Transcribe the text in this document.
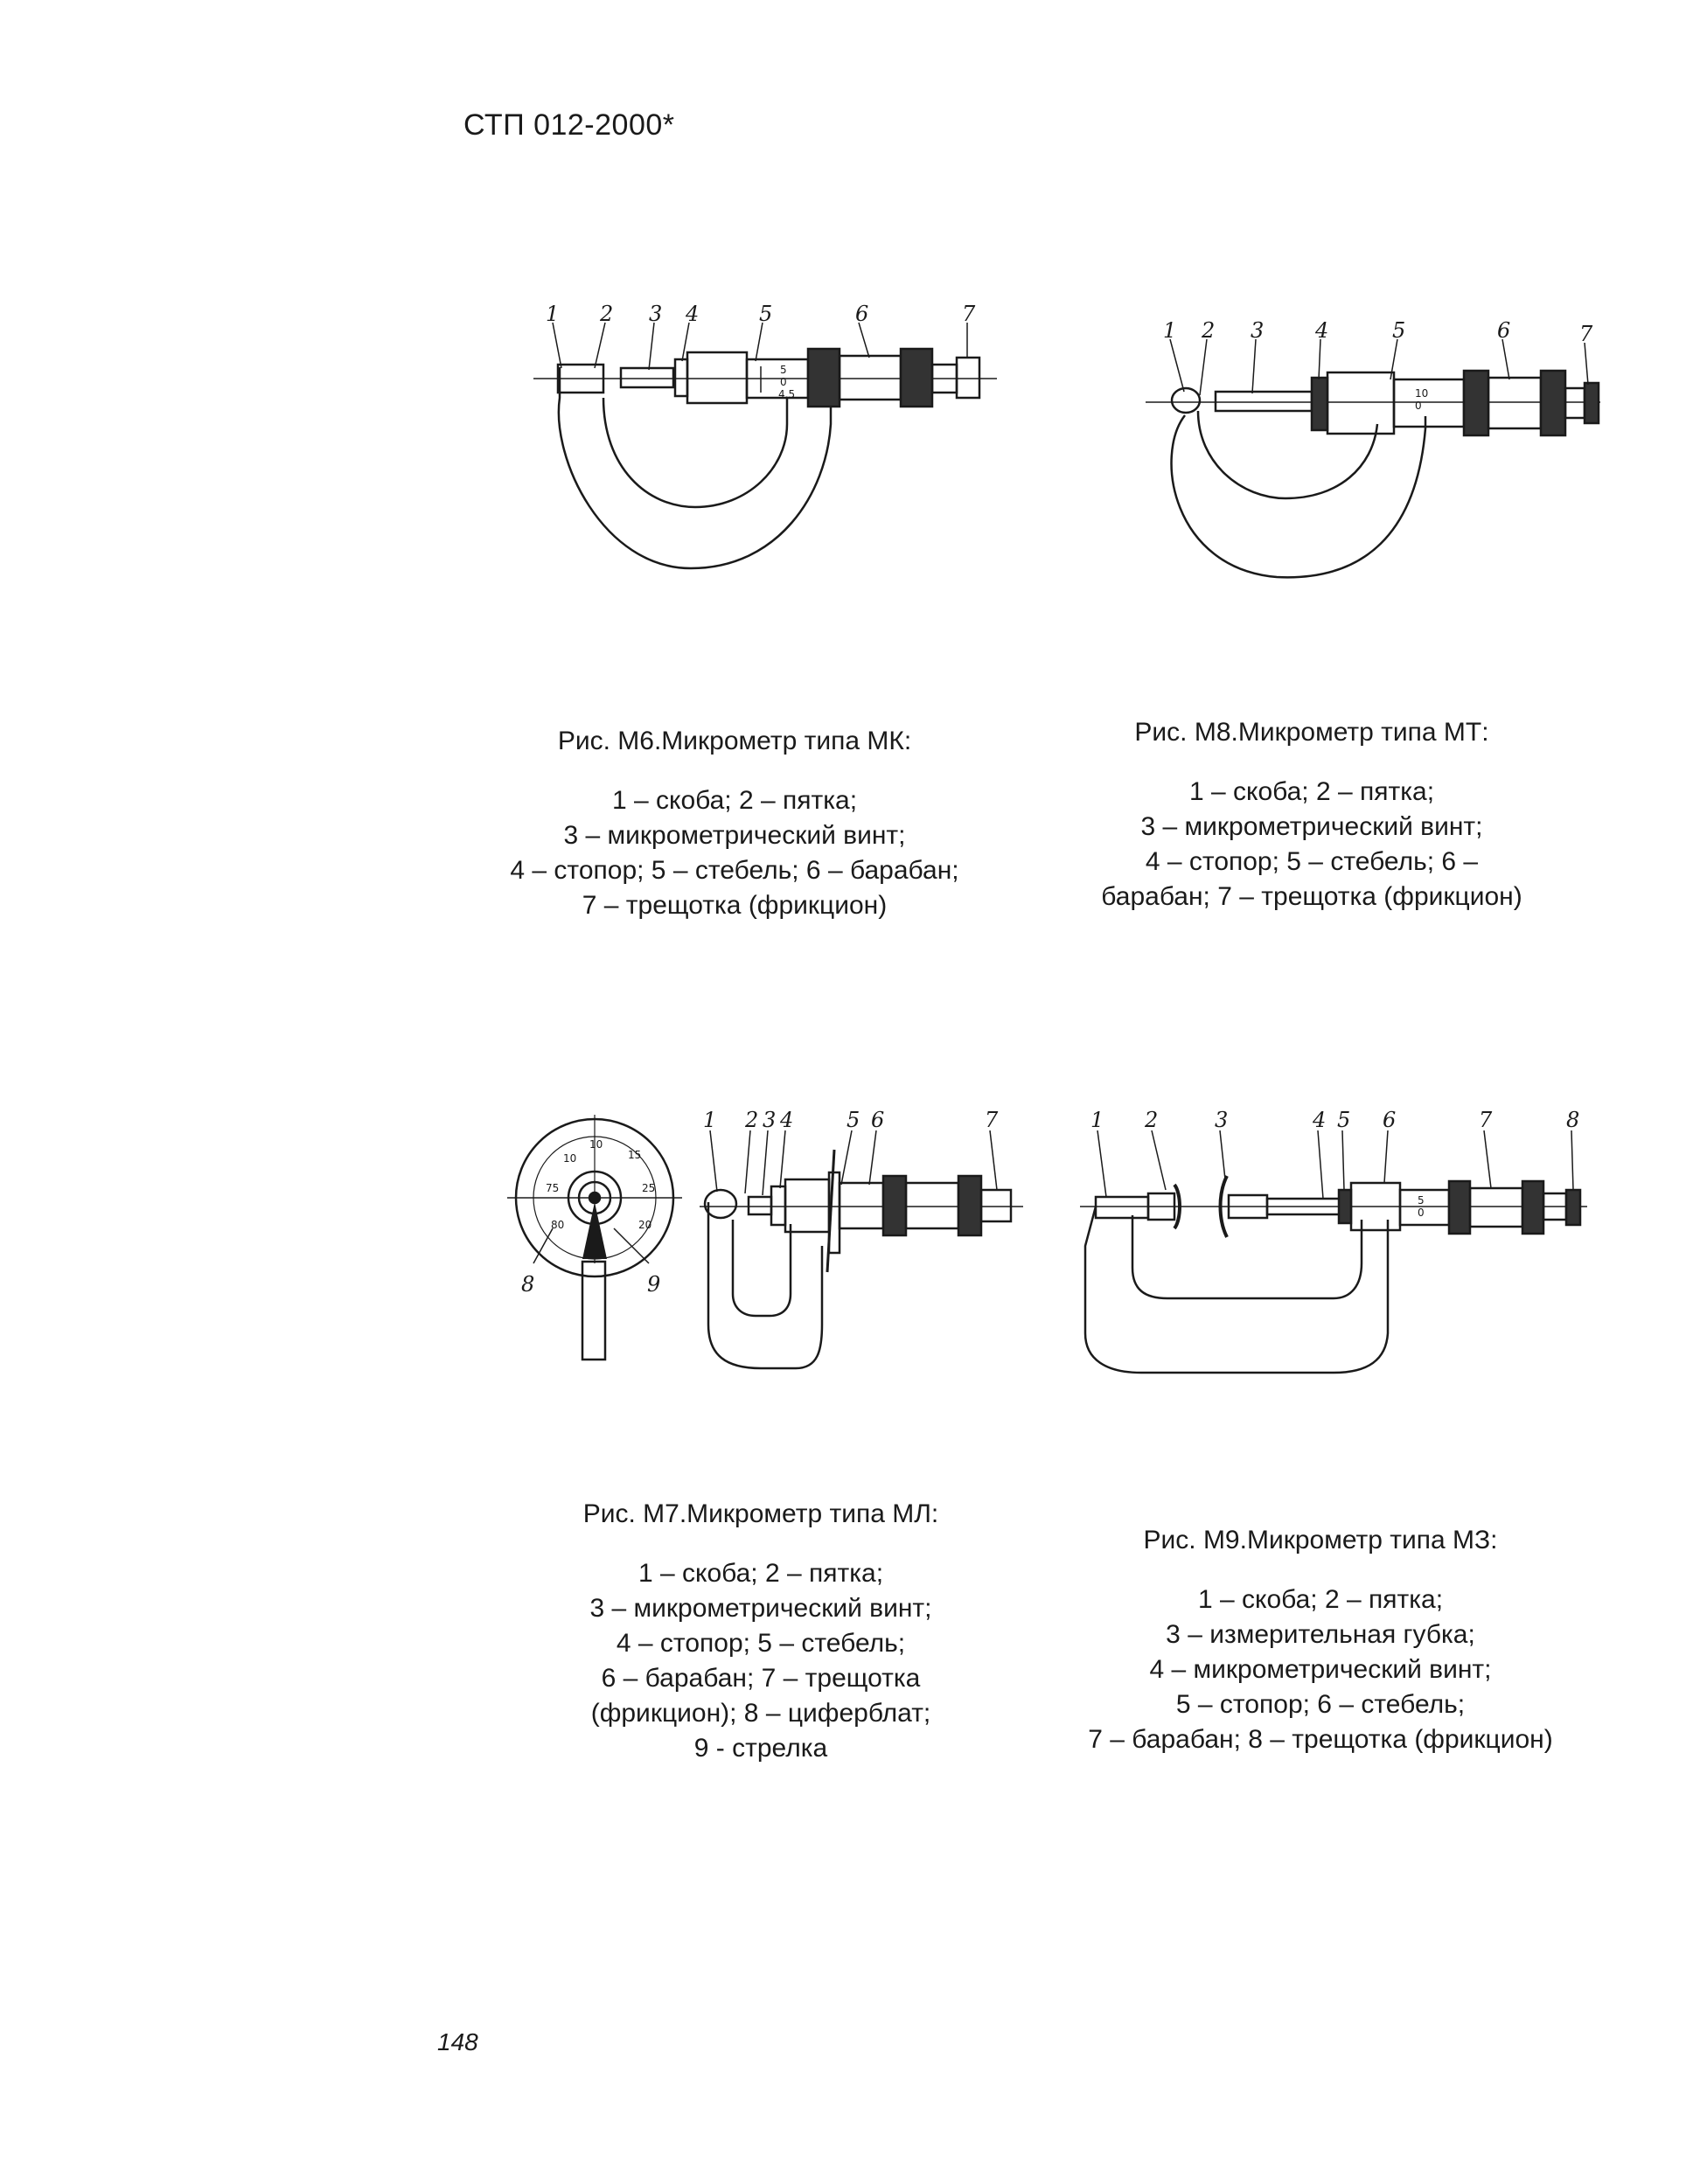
СТП 012-2000*
5
0
4,5
1 2 3 4	5	6	7
Рис. М6.Микрометр типа МК:
1 – скоба; 2 – пятка;
3 – микрометрический винт;
4 – стопор; 5 – стебель; 6 – барабан;
7 – трещотка (фрикцион)
10
0
1 2 3 4	5	6	7
Рис. М8.Микрометр типа МТ:
1 – скоба; 2 – пятка;
3 – микрометрический винт;
4 – стопор; 5 – стебель; 6 –
барабан; 7 – трещотка (фрикцион)
10
15
75	25
80	20
10
1 2 3 4	5 6	7
8	9
Рис. М7.Микрометр типа МЛ:
1 – скоба; 2 – пятка;
3 – микрометрический винт;
4 – стопор; 5 – стебель;
6 – барабан; 7 – трещотка
(фрикцион); 8 – циферблат;
9 - стрелка
5
0
1 2	3	4 5 6	7	8
Рис. М9.Микрометр типа МЗ:
1 – скоба; 2 – пятка;
3 – измерительная губка;
4 – микрометрический винт;
5 – стопор; 6 – стебель;
7 – барабан; 8 – трещотка (фрикцион)
148
